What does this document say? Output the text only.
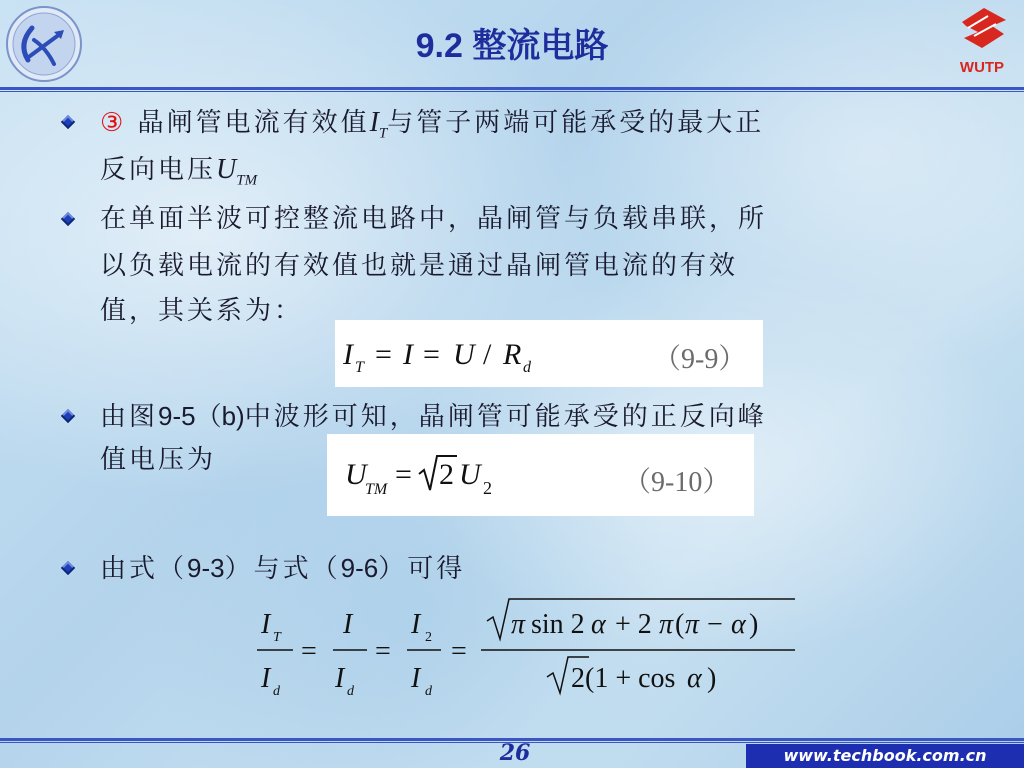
9.2 整流电路
WUTP
③ 晶闸管电流有效值$I_T$与管子两端可能承受的最大正
反向电压$U_{TM}$
在单面半波可控整流电路中，晶闸管与负载串联，所
以负载电流的有效值也就是通过晶闸管电流的有效
值，其关系为：
I T = I = U / R d	（9-9）
由图9-5（b)中波形可知，晶闸管可能承受的正反向峰
值电压为	U
TM = 2 U 2	（9-10）
由式（9-3）与式（9-6）可得
I T
I d
=
I
I d
=
I 2
I d
=
π sin 2 α + 2 π ( π − α )
2(1 + cos α )
26	www.techbook.com.cn
